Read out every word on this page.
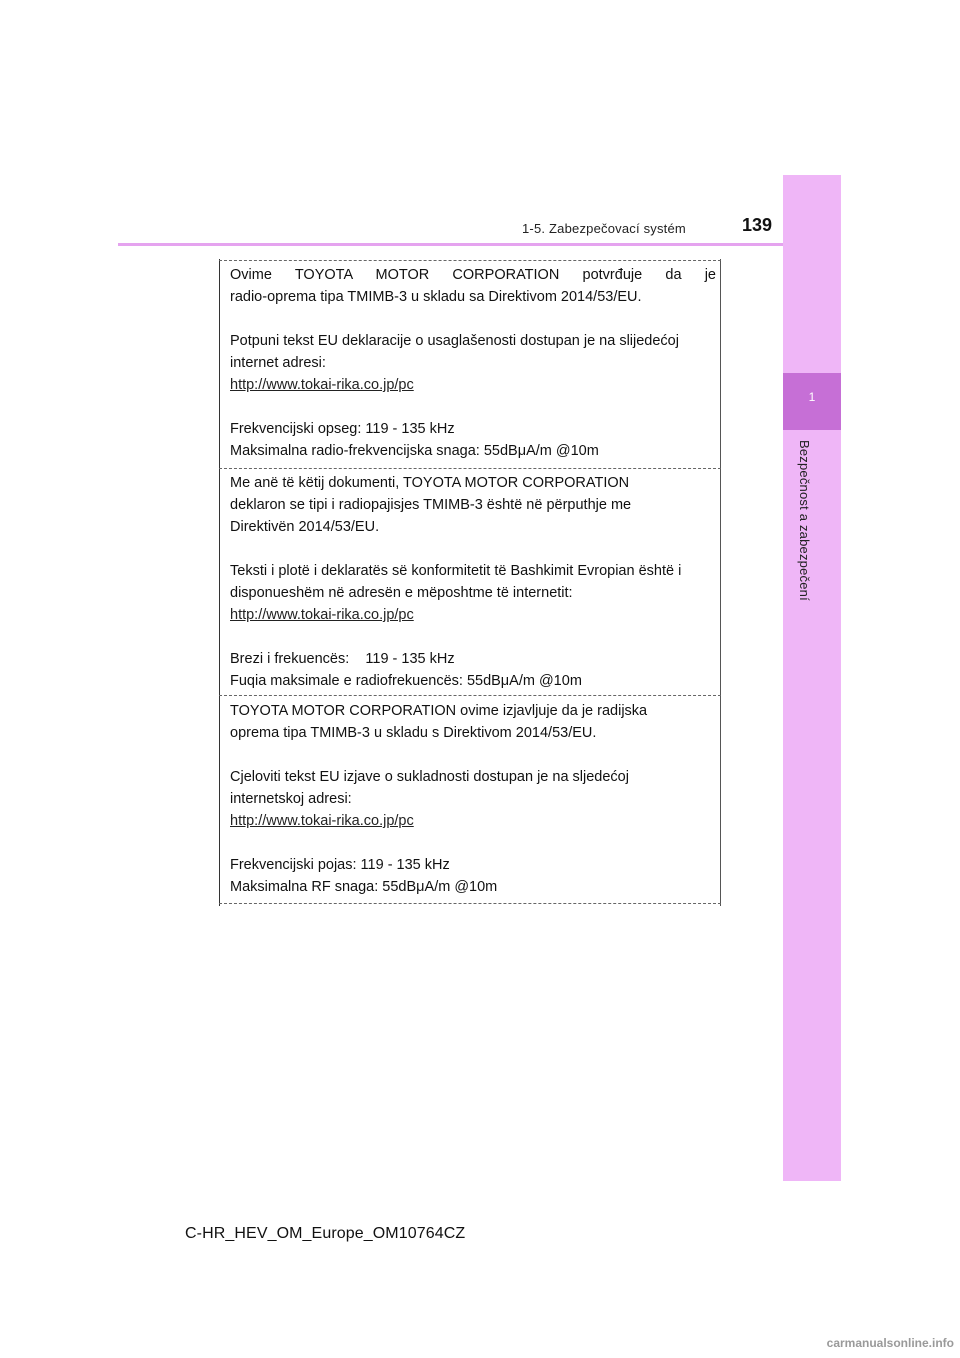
1-5. Zabezpečovací systém	139
1
Bezpečnost a zabezpečení

Ovime TOYOTA MOTOR CORPORATION potvrđuje da je

radio-oprema tipa TMIMB-3 u skladu sa Direktivom 2014/53/EU.

Potpuni tekst EU deklaracije o usaglašenosti dostupan je na slijedećoj

internet adresi:

http://www.tokai-rika.co.jp/pc

Frekvencijski opseg: 119 - 135 kHz

Maksimalna radio-frekvencijska snaga: 55dBμA/m @10m

Me anë të këtij dokumenti, TOYOTA MOTOR CORPORATION

deklaron se tipi i radiopajisjes TMIMB-3 është në përputhje me

Direktivën 2014/53/EU.

Teksti i plotë i deklaratës së konformitetit të Bashkimit Evropian është i

disponueshëm në adresën e mëposhtme të internetit:

http://www.tokai-rika.co.jp/pc

Brezi i frekuencës:    119 - 135 kHz

Fuqia maksimale e radiofrekuencës: 55dBμA/m @10m

TOYOTA MOTOR CORPORATION ovime izjavljuje da je radijska

oprema tipa TMIMB-3 u skladu s Direktivom 2014/53/EU.

Cjeloviti tekst EU izjave o sukladnosti dostupan je na sljedećoj

internetskoj adresi:

http://www.tokai-rika.co.jp/pc

Frekvencijski pojas: 119 - 135 kHz

Maksimalna RF snaga: 55dBμA/m @10m

C-HR_HEV_OM_Europe_OM10764CZ
carmanualsonline.info
